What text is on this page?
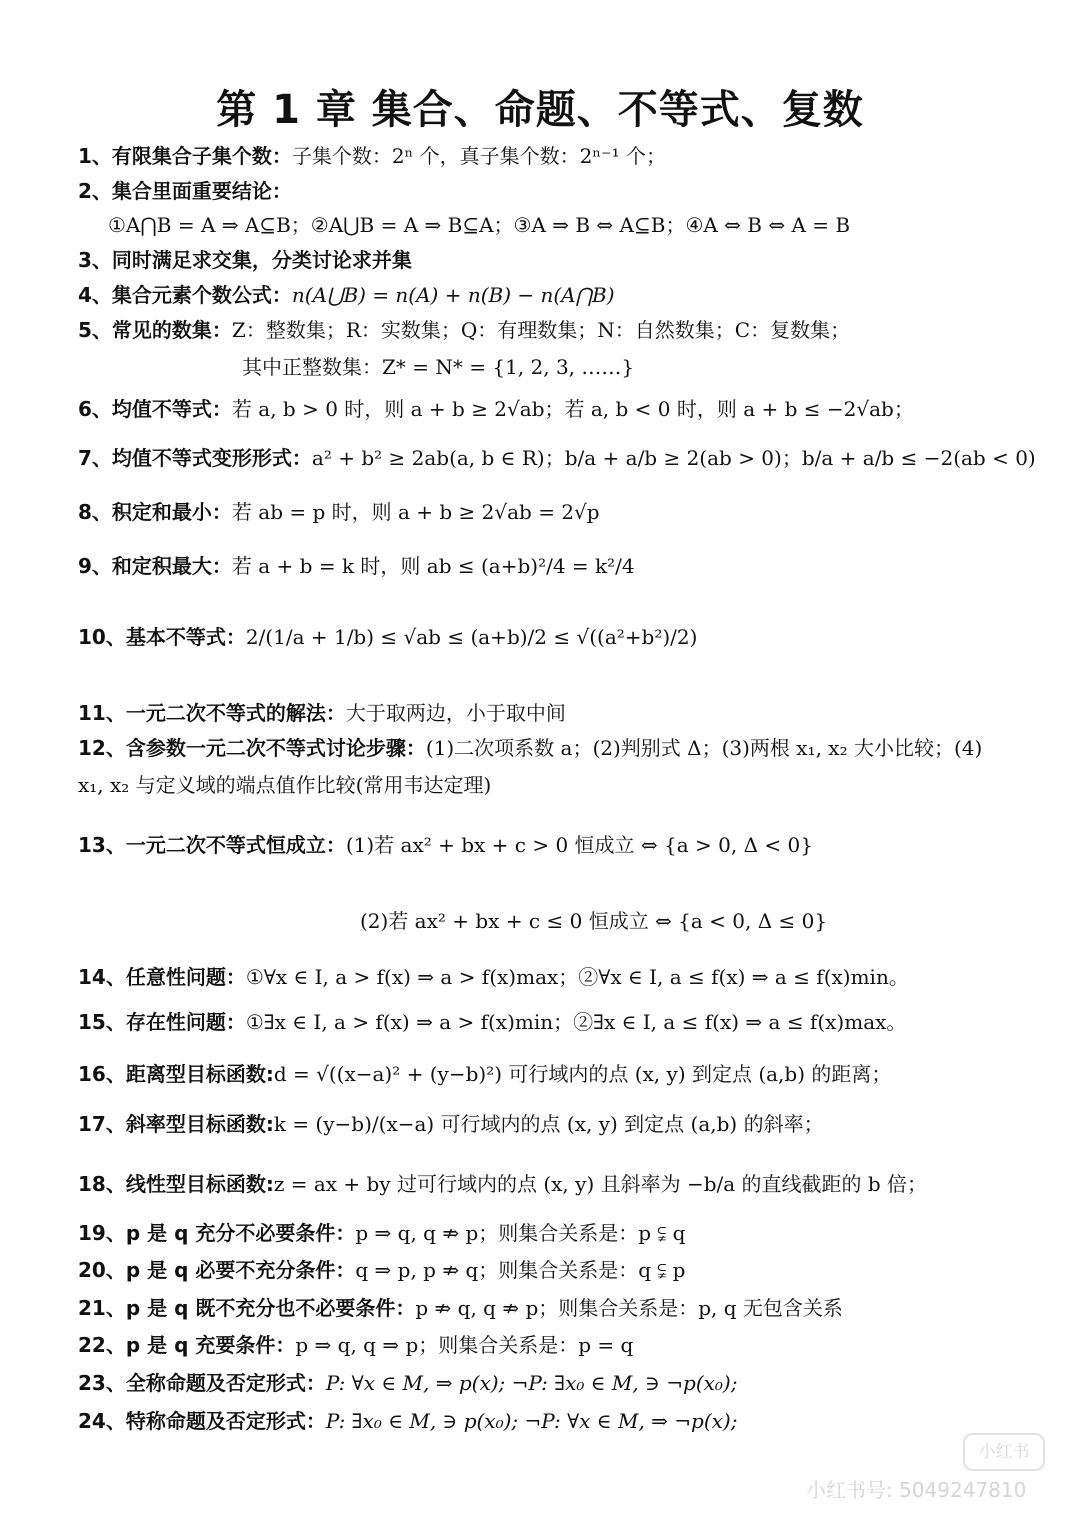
第 1 章 集合、命题、不等式、复数
1、有限集合子集个数：子集个数：2ⁿ 个，真子集个数：2ⁿ⁻¹ 个；
2、集合里面重要结论：
①A⋂B = A ⇒ A⊆B；②A⋃B = A ⇒ B⊆A；③A ⇒ B ⇔ A⊆B；④A ⇔ B ⇔ A = B
3、同时满足求交集，分类讨论求并集
4、集合元素个数公式：n(A⋃B) = n(A) + n(B) − n(A⋂B)
5、常见的数集：Z：整数集；R：实数集；Q：有理数集；N：自然数集；C：复数集；
其中正整数集：Z* = N* = {1, 2, 3, ……}
6、均值不等式：若 a, b > 0 时，则 a + b ≥ 2√ab；若 a, b < 0 时，则 a + b ≤ −2√ab；
7、均值不等式变形形式：a² + b² ≥ 2ab(a, b ∈ R)；b/a + a/b ≥ 2(ab > 0)；b/a + a/b ≤ −2(ab < 0)
8、积定和最小：若 ab = p 时，则 a + b ≥ 2√ab = 2√p
9、和定积最大：若 a + b = k 时，则 ab ≤ (a+b)²/4 = k²/4
10、基本不等式：2/(1/a + 1/b) ≤ √ab ≤ (a+b)/2 ≤ √((a²+b²)/2)
11、一元二次不等式的解法：大于取两边，小于取中间
12、含参数一元二次不等式讨论步骤：(1)二次项系数 a；(2)判别式 Δ；(3)两根 x₁, x₂ 大小比较；(4)
x₁, x₂ 与定义域的端点值作比较(常用韦达定理)
13、一元二次不等式恒成立：(1)若 ax² + bx + c > 0 恒成立 ⇔ {a > 0, Δ < 0}
(2)若 ax² + bx + c ≤ 0 恒成立 ⇔ {a < 0, Δ ≤ 0}
14、任意性问题：①∀x ∈ I, a > f(x) ⇒ a > f(x)max；②∀x ∈ I, a ≤ f(x) ⇒ a ≤ f(x)min。
15、存在性问题：①∃x ∈ I, a > f(x) ⇒ a > f(x)min；②∃x ∈ I, a ≤ f(x) ⇒ a ≤ f(x)max。
16、距离型目标函数:d = √((x−a)² + (y−b)²) 可行域内的点 (x, y) 到定点 (a,b) 的距离；
17、斜率型目标函数:k = (y−b)/(x−a) 可行域内的点 (x, y) 到定点 (a,b) 的斜率；
18、线性型目标函数:z = ax + by 过可行域内的点 (x, y) 且斜率为 −b/a 的直线截距的 b 倍；
19、p 是 q 充分不必要条件：p ⇒ q, q ⇏ p；则集合关系是：p ⫋ q
20、p 是 q 必要不充分条件：q ⇒ p, p ⇏ q；则集合关系是：q ⫋ p
21、p 是 q 既不充分也不必要条件：p ⇏ q, q ⇏ p；则集合关系是：p, q 无包含关系
22、p 是 q 充要条件：p ⇒ q, q ⇒ p；则集合关系是：p = q
23、全称命题及否定形式：P: ∀x ∈ M, ⇒ p(x); ¬P: ∃x₀ ∈ M, ∋ ¬p(x₀);
24、特称命题及否定形式：P: ∃x₀ ∈ M, ∋ p(x₀); ¬P: ∀x ∈ M, ⇒ ¬p(x);
小红书
小红书号: 5049247810
